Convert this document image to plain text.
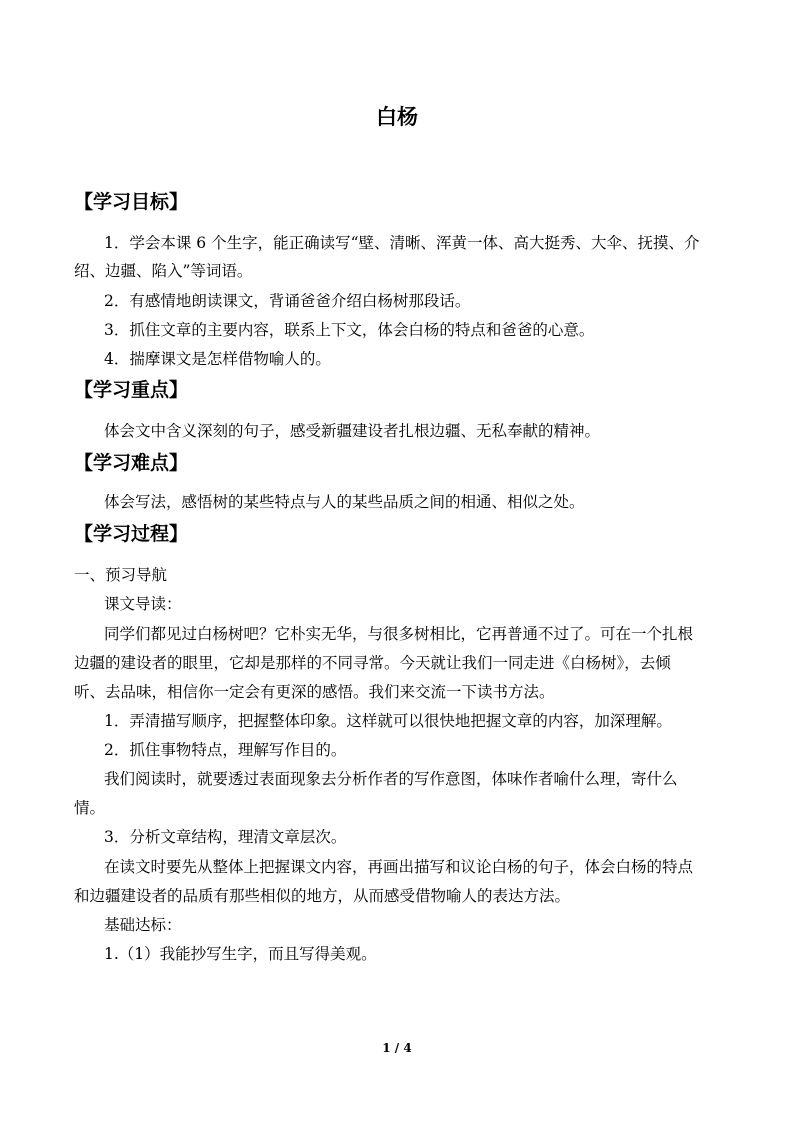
白杨
【学习目标】
1．学会本课 6 个生字，能正确读写“壁、清晰、浑黄一体、高大挺秀、大伞、抚摸、介
绍、边疆、陷入”等词语。
2．有感情地朗读课文，背诵爸爸介绍白杨树那段话。
3．抓住文章的主要内容，联系上下文，体会白杨的特点和爸爸的心意。
4．揣摩课文是怎样借物喻人的。
【学习重点】
体会文中含义深刻的句子，感受新疆建设者扎根边疆、无私奉献的精神。
【学习难点】
体会写法，感悟树的某些特点与人的某些品质之间的相通、相似之处。
【学习过程】
一、预习导航
课文导读：
同学们都见过白杨树吧？它朴实无华，与很多树相比，它再普通不过了。可在一个扎根
边疆的建设者的眼里，它却是那样的不同寻常。今天就让我们一同走进《白杨树》，去倾
听、去品味，相信你一定会有更深的感悟。我们来交流一下读书方法。
1．弄清描写顺序，把握整体印象。这样就可以很快地把握文章的内容，加深理解。
2．抓住事物特点，理解写作目的。
我们阅读时，就要透过表面现象去分析作者的写作意图，体味作者喻什么理，寄什么
情。
3．分析文章结构，理清文章层次。
在读文时要先从整体上把握课文内容，再画出描写和议论白杨的句子，体会白杨的特点
和边疆建设者的品质有那些相似的地方，从而感受借物喻人的表达方法。
基础达标：
1.（1）我能抄写生字，而且写得美观。
1 / 4
